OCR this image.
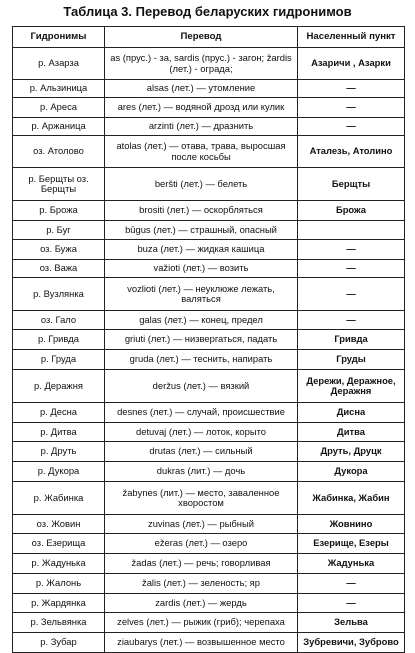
Таблица 3. Перевод беларуских гидронимов
Гидронимы	Перевод	Населенный пункт
р. Азарза	as (прус.) - за, sardis (прус.) - загон; žardis (лет.) - ограда;	Азаричи , Азарки
р. Альзиница	alsas (лет.) — утомление	—
р. Ареса	ares (лет.) — водяной дрозд или кулик	—
р. Аржаница	arzinti (лет.) — дразнить	—
оз. Атолово	atolas (лет.) — отава, трава, выросшая после косьбы	Аталезь, Атолино
р. Берщты оз. Берщты	beršti (лет.) — белеть	Берщты
р. Брожа	brositi (лет.) — оскорбляться	Брожа
р. Буг	būgus (лет.) — страшный, опасный	
оз. Бужа	buza (лет.) — жидкая кашица	—
оз. Важа	važioti (лет.) — возить	—
р. Вузлянка	vozlioti (лет.) — неуклюже лежать, валяться	—
оз. Гало	galas (лет.) — конец, предел	—
р. Гривда	griuti (лет.) — низвергаться, падать	Гривда
р. Груда	gruda (лет.) — теснить, напирать	Груды
р. Деражня	deržus (лет.) — вязкий	Дережи, Деражное, Деражня
р. Десна	desnes (лет.) — случай, происшествие	Дисна
р. Дитва	detuvaj (лет.) — лоток, корыто	Дитва
р. Друть	drutas (лет.) — сильный	Друть, Друцк
р. Дукора	dukras (лит.) — дочь	Дукора
р. Жабинка	žabynes (лит.) — место, заваленное хворостом	Жабинка, Жабин
оз. Жовин	zuvinas (лет.) — рыбный	Жовнино
оз. Езерища	ežeras (лет.) — озеро	Езерище, Езеры
р. Жадунька	žadas (лет.) — речь; говорливая	Жадунька
р. Жалонь	žalis (лет.) — зеленость; яр	—
р. Жардянка	zardis (лет.) — жердь	—
р. Зельвянка	zelves (лет.) — рыжик (гриб); черепаха	Зельва
р. Зубар	ziaubarys (лет.) — возвышенное место	Зубревичи, Зуброво
